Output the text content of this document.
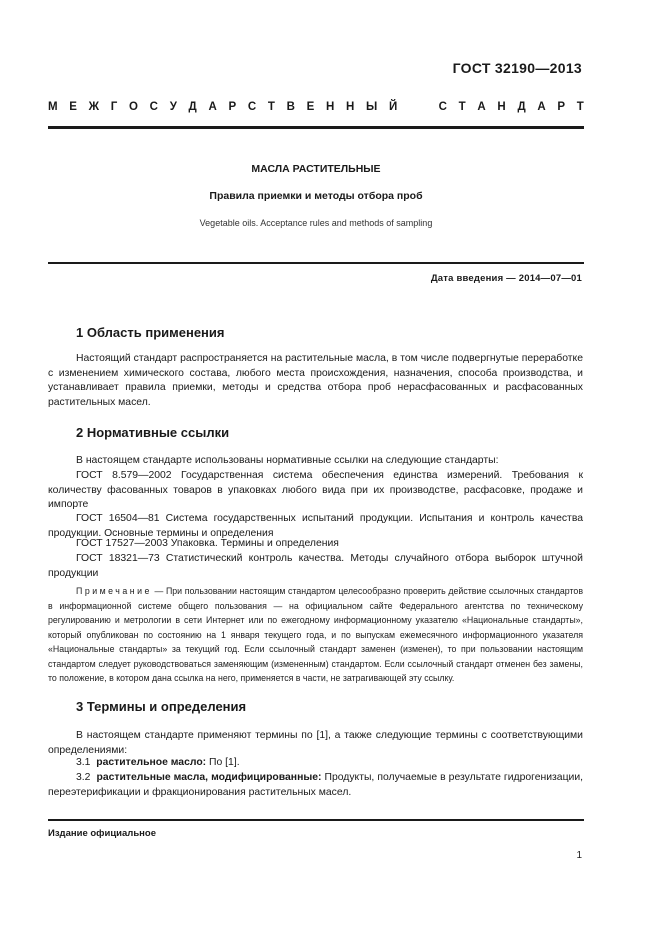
ГОСТ 32190—2013
М Е Ж Г О С У Д А Р С Т В Е Н Н Ы Й	С Т А Н Д А Р Т
МАСЛА РАСТИТЕЛЬНЫЕ
Правила приемки и методы отбора проб
Vegetable oils. Acceptance rules and methods of sampling
Дата введения — 2014—07—01
1 Область применения
Настоящий стандарт распространяется на растительные масла, в том числе подвергнутые переработке с изменением химического состава, любого места происхождения, назначения, способа производства, и устанавливает правила приемки, методы и средства отбора проб нерасфасованных и расфасованных растительных масел.
2 Нормативные ссылки
В настоящем стандарте использованы нормативные ссылки на следующие стандарты:
ГОСТ 8.579—2002 Государственная система обеспечения единства измерений. Требования к количеству фасованных товаров в упаковках любого вида при их производстве, расфасовке, продаже и импорте
ГОСТ 16504—81 Система государственных испытаний продукции. Испытания и контроль качества продукции. Основные термины и определения
ГОСТ 17527—2003 Упаковка. Термины и определения
ГОСТ 18321—73 Статистический контроль качества. Методы случайного отбора выборок штучной продукции
Примечание — При пользовании настоящим стандартом целесообразно проверить действие ссылочных стандартов в информационной системе общего пользования — на официальном сайте Федерального агентства по техническому регулированию и метрологии в сети Интернет или по ежегодному информационному указателю «Национальные стандарты», который опубликован по состоянию на 1 января текущего года, и по выпускам ежемесячного информационного указателя «Национальные стандарты» за текущий год. Если ссылочный стандарт заменен (изменен), то при пользовании настоящим стандартом следует руководствоваться заменяющим (измененным) стандартом. Если ссылочный стандарт отменен без замены, то положение, в котором дана ссылка на него, применяется в части, не затрагивающей эту ссылку.
3 Термины и определения
В настоящем стандарте применяют термины по [1], а также следующие термины с соответствующими определениями:
3.1 растительное масло: По [1].
3.2 растительные масла, модифицированные: Продукты, получаемые в результате гидрогенизации, переэтерификации и фракционирования растительных масел.
Издание официальное
1
